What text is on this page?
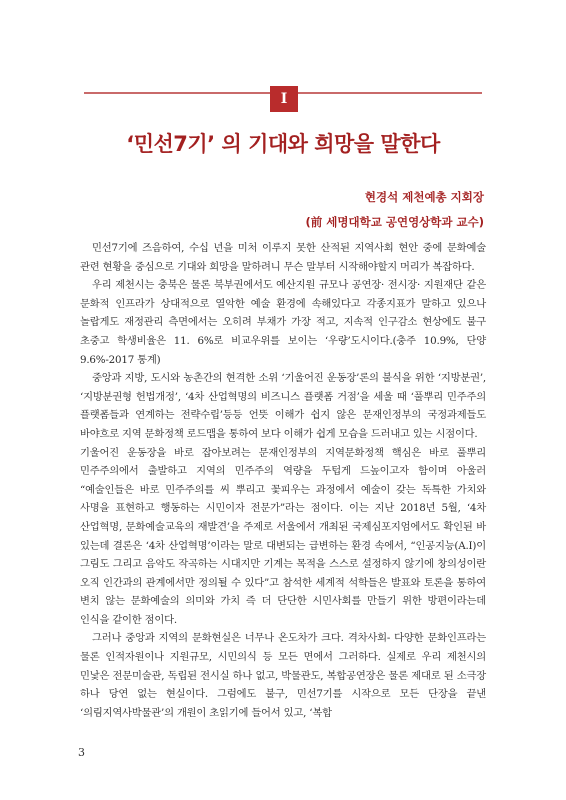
I
‘민선7기’ 의 기대와 희망을 말한다
현경석 제천예총 지회장
(前 세명대학교 공연영상학과 교수)

민선7기에 즈음하여, 수십 년을 미처 이루지 못한 산적된 지역사회 현안 중에 문화예술 관련 현황을 중심으로 기대와 희망을 말하려니 무슨 말부터 시작해야할지 머리가 복잡하다.

우리 제천시는 충북은 물론 북부권에서도 예산지원 규모나 공연장· 전시장· 지원재단 같은 문화적 인프라가 상대적으로 열악한 예술 환경에 속해있다고 각종지표가 말하고 있으나 놀랍게도 재정관리 측면에서는 오히려 부채가 가장 적고, 지속적 인구감소 현상에도 불구 초중고 학생비율은 11. 6%로 비교우위를 보이는 ‘우량’도시이다.(충주 10.9%, 단양 9.6%-2017 통계)

중앙과 지방, 도시와 농촌간의 현격한 소위 ‘기울어진 운동장’론의 불식을 위한 ‘지방분권’, ‘지방분권형 헌법개정’, ‘4차 산업혁명의 비즈니스 플랫폼 거점’을 세울 때 ‘풀뿌리 민주주의 플랫폼들과 연계하는 전략수립’등등 언뜻 이해가 쉽지 않은 문재인정부의 국정과제들도 바야흐로 지역 문화정책 로드맵을 통하여 보다 이해가 쉽게 모습을 드러내고 있는 시점이다.

기울어진 운동장을 바로 잡아보려는 문재인정부의 지역문화정책 핵심은 바로 풀뿌리 민주주의에서 출발하고 지역의 민주주의 역량을 두텁게 드높이고자 함이며 아울러 “예술인들은 바로 민주주의를 씨 뿌리고 꽃피우는 과정에서 예술이 갖는 독특한 가치와 사명을 표현하고 행동하는 시민이자 전문가”라는 점이다. 이는 지난 2018년 5월, ‘4차 산업혁명, 문화예술교육의 재발견’을 주제로 서울에서 개최된 국제심포지엄에서도 확인된 바 있는데 결론은 ‘4차 산업혁명’이라는 말로 대변되는 급변하는 환경 속에서, “인공지능(A.I)이 그림도 그리고 음악도 작곡하는 시대지만 기계는 목적을 스스로 설정하지 않기에 창의성이란 오직 인간과의 관계에서만 정의될 수 있다”고 참석한 세계적 석학들은 발표와 토론을 통하여 변치 않는 문화예술의 의미와 가치 즉 더 단단한 시민사회를 만들기 위한 방편이라는데 인식을 같이한 점이다.

그러나 중앙과 지역의 문화현실은 너무나 온도차가 크다. 격차사회- 다양한 문화인프라는 물론 인적자원이나 지원규모, 시민의식 등 모든 면에서 그러하다. 실제로 우리 제천시의 민낯은 전문미술관, 독립된 전시실 하나 없고, 박물관도, 복합공연장은 물론 제대로 된 소극장 하나 당연 없는 현실이다. 그럼에도 불구, 민선7기를 시작으로 모든 단장을 끝낸 ‘의림지역사박물관’의 개원이 초읽기에 들어서 있고, ‘복합

3
